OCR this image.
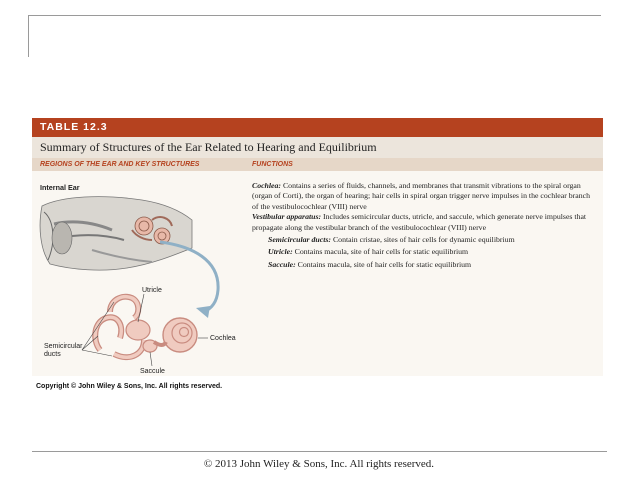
TABLE 12.3
Summary of Structures of the Ear Related to Hearing and Equilibrium
REGIONS OF THE EAR AND KEY STRUCTURES	FUNCTIONS
Internal Ear	Cochlea: Contains a series of fluids, channels, and membranes that transmit vibrations to the spiral organ (organ of Corti), the organ of hearing; hair cells in spiral organ trigger nerve impulses in the cochlear branch of the vestibulocochlear (VIII) nerve

Vestibular apparatus: Includes semicircular ducts, utricle, and saccule, which generate nerve impulses that propagate along the vestibular branch of the vestibulocochlear (VIII) nerve

Semicircular ducts: Contain cristae, sites of hair cells for dynamic equilibrium

Utricle: Contains macula, site of hair cells for static equilibrium

Saccule: Contains macula, site of hair cells for static equilibrium

Utricle
Semicircular
ducts
Cochlea
Saccule
Copyright © John Wiley & Sons, Inc. All rights reserved.
© 2013 John Wiley & Sons, Inc. All rights reserved.
